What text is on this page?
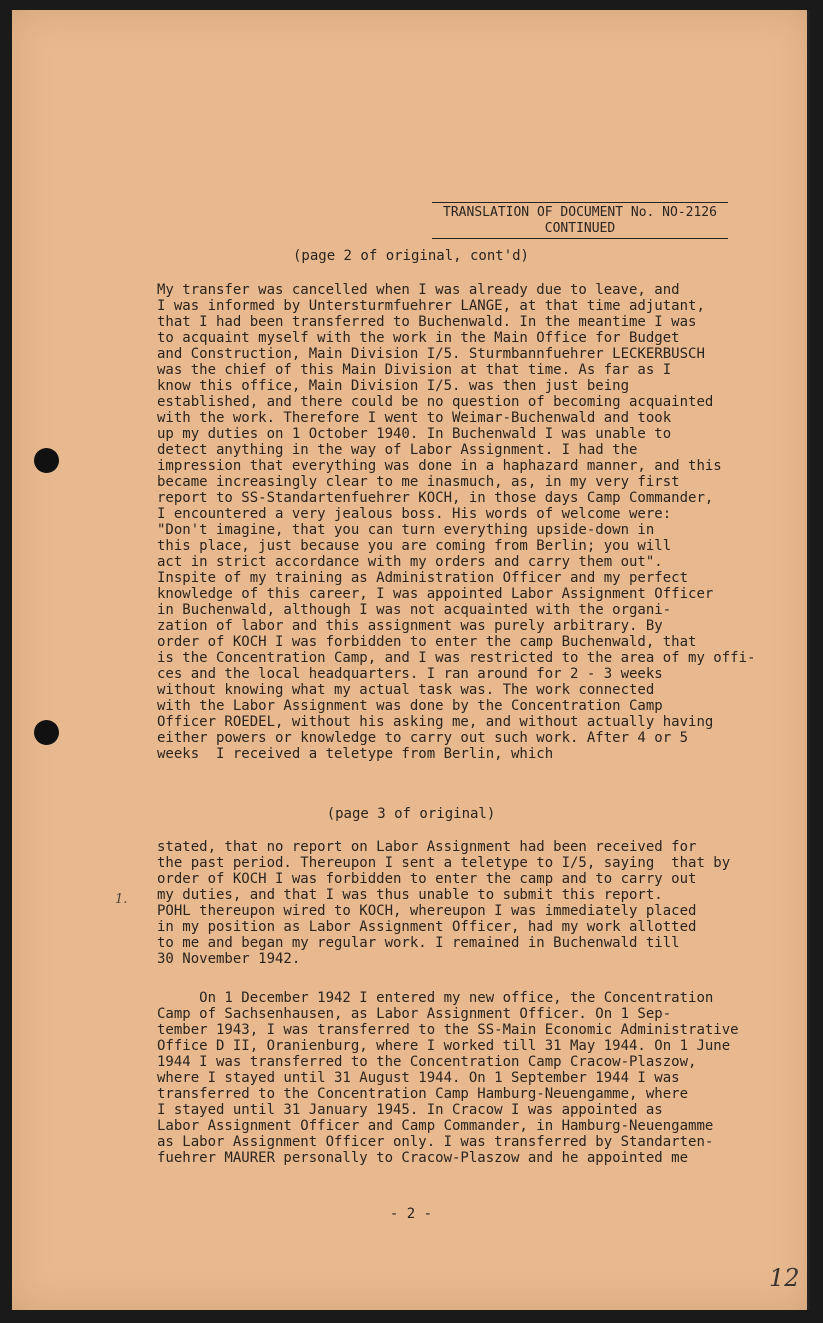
TRANSLATION OF DOCUMENT No. NO-2126
CONTINUED
(page 2 of original, cont'd)
My transfer was cancelled when I was already due to leave, and
I was informed by Untersturmfuehrer LANGE, at that time adjutant,
that I had been transferred to Buchenwald. In the meantime I was
to acquaint myself with the work in the Main Office for Budget
and Construction, Main Division I/5. Sturmbannfuehrer LECKERBUSCH
was the chief of this Main Division at that time. As far as I
know this office, Main Division I/5. was then just being
established, and there could be no question of becoming acquainted
with the work. Therefore I went to Weimar-Buchenwald and took
up my duties on 1 October 1940. In Buchenwald I was unable to
detect anything in the way of Labor Assignment. I had the
impression that everything was done in a haphazard manner, and this
became increasingly clear to me inasmuch, as, in my very first
report to SS-Standartenfuehrer KOCH, in those days Camp Commander,
I encountered a very jealous boss. His words of welcome were:
"Don't imagine, that you can turn everything upside-down in
this place, just because you are coming from Berlin; you will
act in strict accordance with my orders and carry them out".
Inspite of my training as Administration Officer and my perfect
knowledge of this career, I was appointed Labor Assignment Officer
in Buchenwald, although I was not acquainted with the organi-
zation of labor and this assignment was purely arbitrary. By
order of KOCH I was forbidden to enter the camp Buchenwald, that
is the Concentration Camp, and I was restricted to the area of my offi-
ces and the local headquarters. I ran around for 2 - 3 weeks
without knowing what my actual task was. The work connected
with the Labor Assignment was done by the Concentration Camp
Officer ROEDEL, without his asking me, and without actually having
either powers or knowledge to carry out such work. After 4 or 5
weeks  I received a teletype from Berlin, which
(page 3 of original)
stated, that no report on Labor Assignment had been received for
the past period. Thereupon I sent a teletype to I/5, saying  that by
order of KOCH I was forbidden to enter the camp and to carry out
my duties, and that I was thus unable to submit this report.
POHL thereupon wired to KOCH, whereupon I was immediately placed
in my position as Labor Assignment Officer, had my work allotted
to me and began my regular work. I remained in Buchenwald till
30 November 1942.
1.
On 1 December 1942 I entered my new office, the Concentration
Camp of Sachsenhausen, as Labor Assignment Officer. On 1 Sep-
tember 1943, I was transferred to the SS-Main Economic Administrative
Office D II, Oranienburg, where I worked till 31 May 1944. On 1 June
1944 I was transferred to the Concentration Camp Cracow-Plaszow,
where I stayed until 31 August 1944. On 1 September 1944 I was
transferred to the Concentration Camp Hamburg-Neuengamme, where
I stayed until 31 January 1945. In Cracow I was appointed as
Labor Assignment Officer and Camp Commander, in Hamburg-Neuengamme
as Labor Assignment Officer only. I was transferred by Standarten-
fuehrer MAURER personally to Cracow-Plaszow and he appointed me
- 2 -
12
